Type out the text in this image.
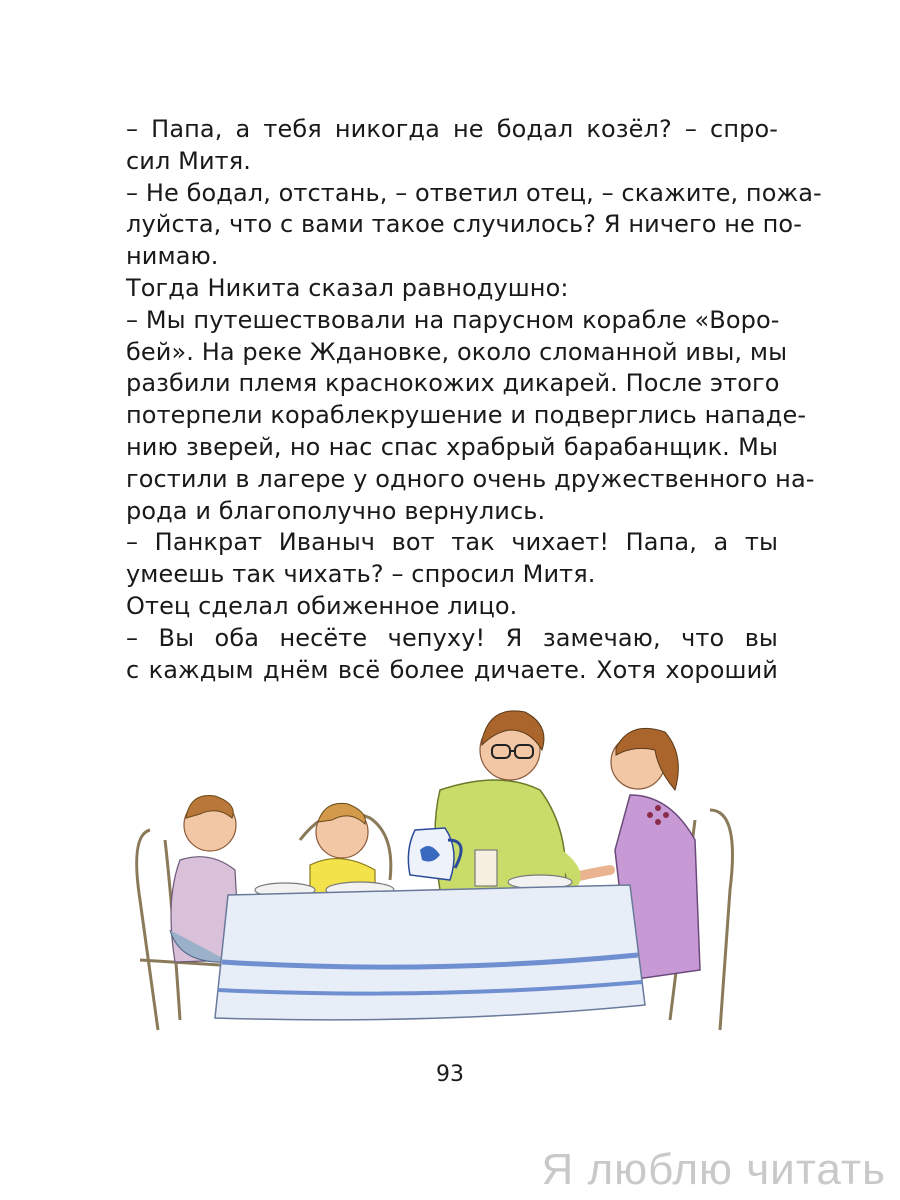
– Папа, а тебя никогда не бодал козёл? – спро-
сил Митя.
– Не бодал, отстань, – ответил отец, – скажите, пожа-
луйста, что с вами такое случилось? Я ничего не по-
нимаю.
Тогда Никита сказал равнодушно:
– Мы путешествовали на парусном корабле «Воро-
бей». На реке Ждановке, около сломанной ивы, мы
разбили племя краснокожих дикарей. После этого
потерпели кораблекрушение и подверглись нападе-
нию зверей, но нас спас храбрый барабанщик. Мы
гостили в лагере у одного очень дружественного на-
рода и благополучно вернулись.
– Панкрат Иваныч вот так чихает! Папа, а ты
умеешь так чихать? – спросил Митя.
Отец сделал обиженное лицо.
– Вы оба несёте чепуху! Я замечаю, что вы
с каждым днём всё более дичаете. Хотя хороший
93
Я люблю читать
